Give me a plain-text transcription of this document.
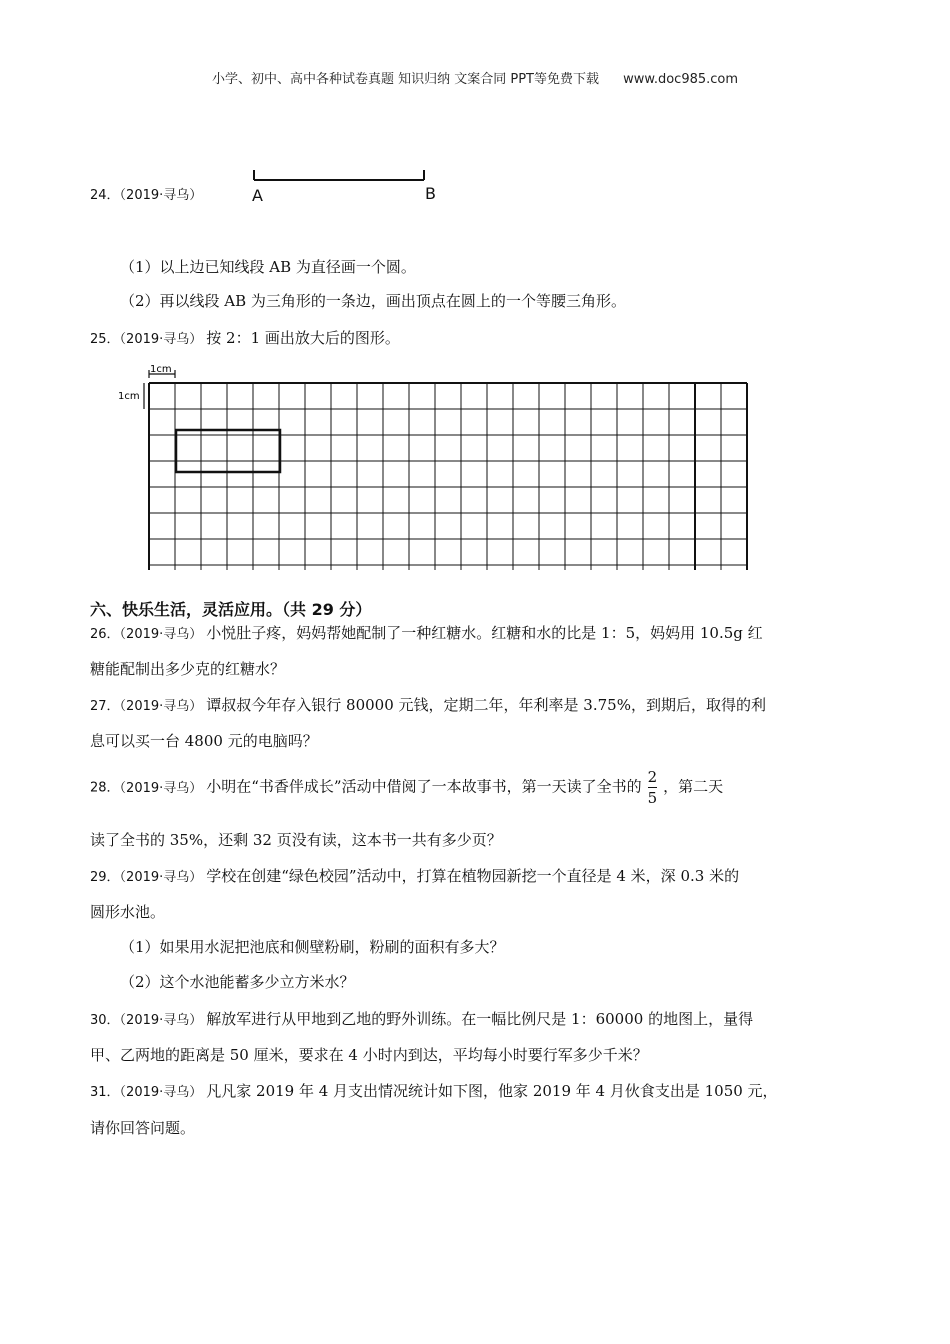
小学、初中、高中各种试卷真题 知识归纳 文案合同 PPT等免费下载 www.doc985.com
24．（2019·寻乌）	A	B
（1）以上边已知线段 AB 为直径画一个圆。
（2）再以线段 AB 为三角形的一条边，画出顶点在圆上的一个等腰三角形。
25．（2019·寻乌） 按 2：1 画出放大后的图形。
1cm
1cm
六、快乐生活，灵活应用。（共 29 分）
26．（2019·寻乌） 小悦肚子疼，妈妈帮她配制了一种红糖水。红糖和水的比是 1：5，妈妈用 10.5g 红
糖能配制出多少克的红糖水？
27．（2019·寻乌） 谭叔叔今年存入银行 80000 元钱，定期二年，年利率是 3.75%，到期后，取得的利
息可以买一台 4800 元的电脑吗？
28．（2019·寻乌） 小明在“书香伴成长”活动中借阅了一本故事书，第一天读了全书的 $\frac{2}{5}$ ，第二天
读了全书的 35%，还剩 32 页没有读，这本书一共有多少页？
29．（2019·寻乌） 学校在创建“绿色校园”活动中，打算在植物园新挖一个直径是 4 米，深 0.3 米的
圆形水池。
（1）如果用水泥把池底和侧壁粉刷，粉刷的面积有多大？
（2）这个水池能蓄多少立方米水？
30．（2019·寻乌） 解放军进行从甲地到乙地的野外训练。在一幅比例尺是 1：60000 的地图上，量得
甲、乙两地的距离是 50 厘米，要求在 4 小时内到达，平均每小时要行军多少千米？
31．（2019·寻乌） 凡凡家 2019 年 4 月支出情况统计如下图，他家 2019 年 4 月伙食支出是 1050 元，
请你回答问题。
